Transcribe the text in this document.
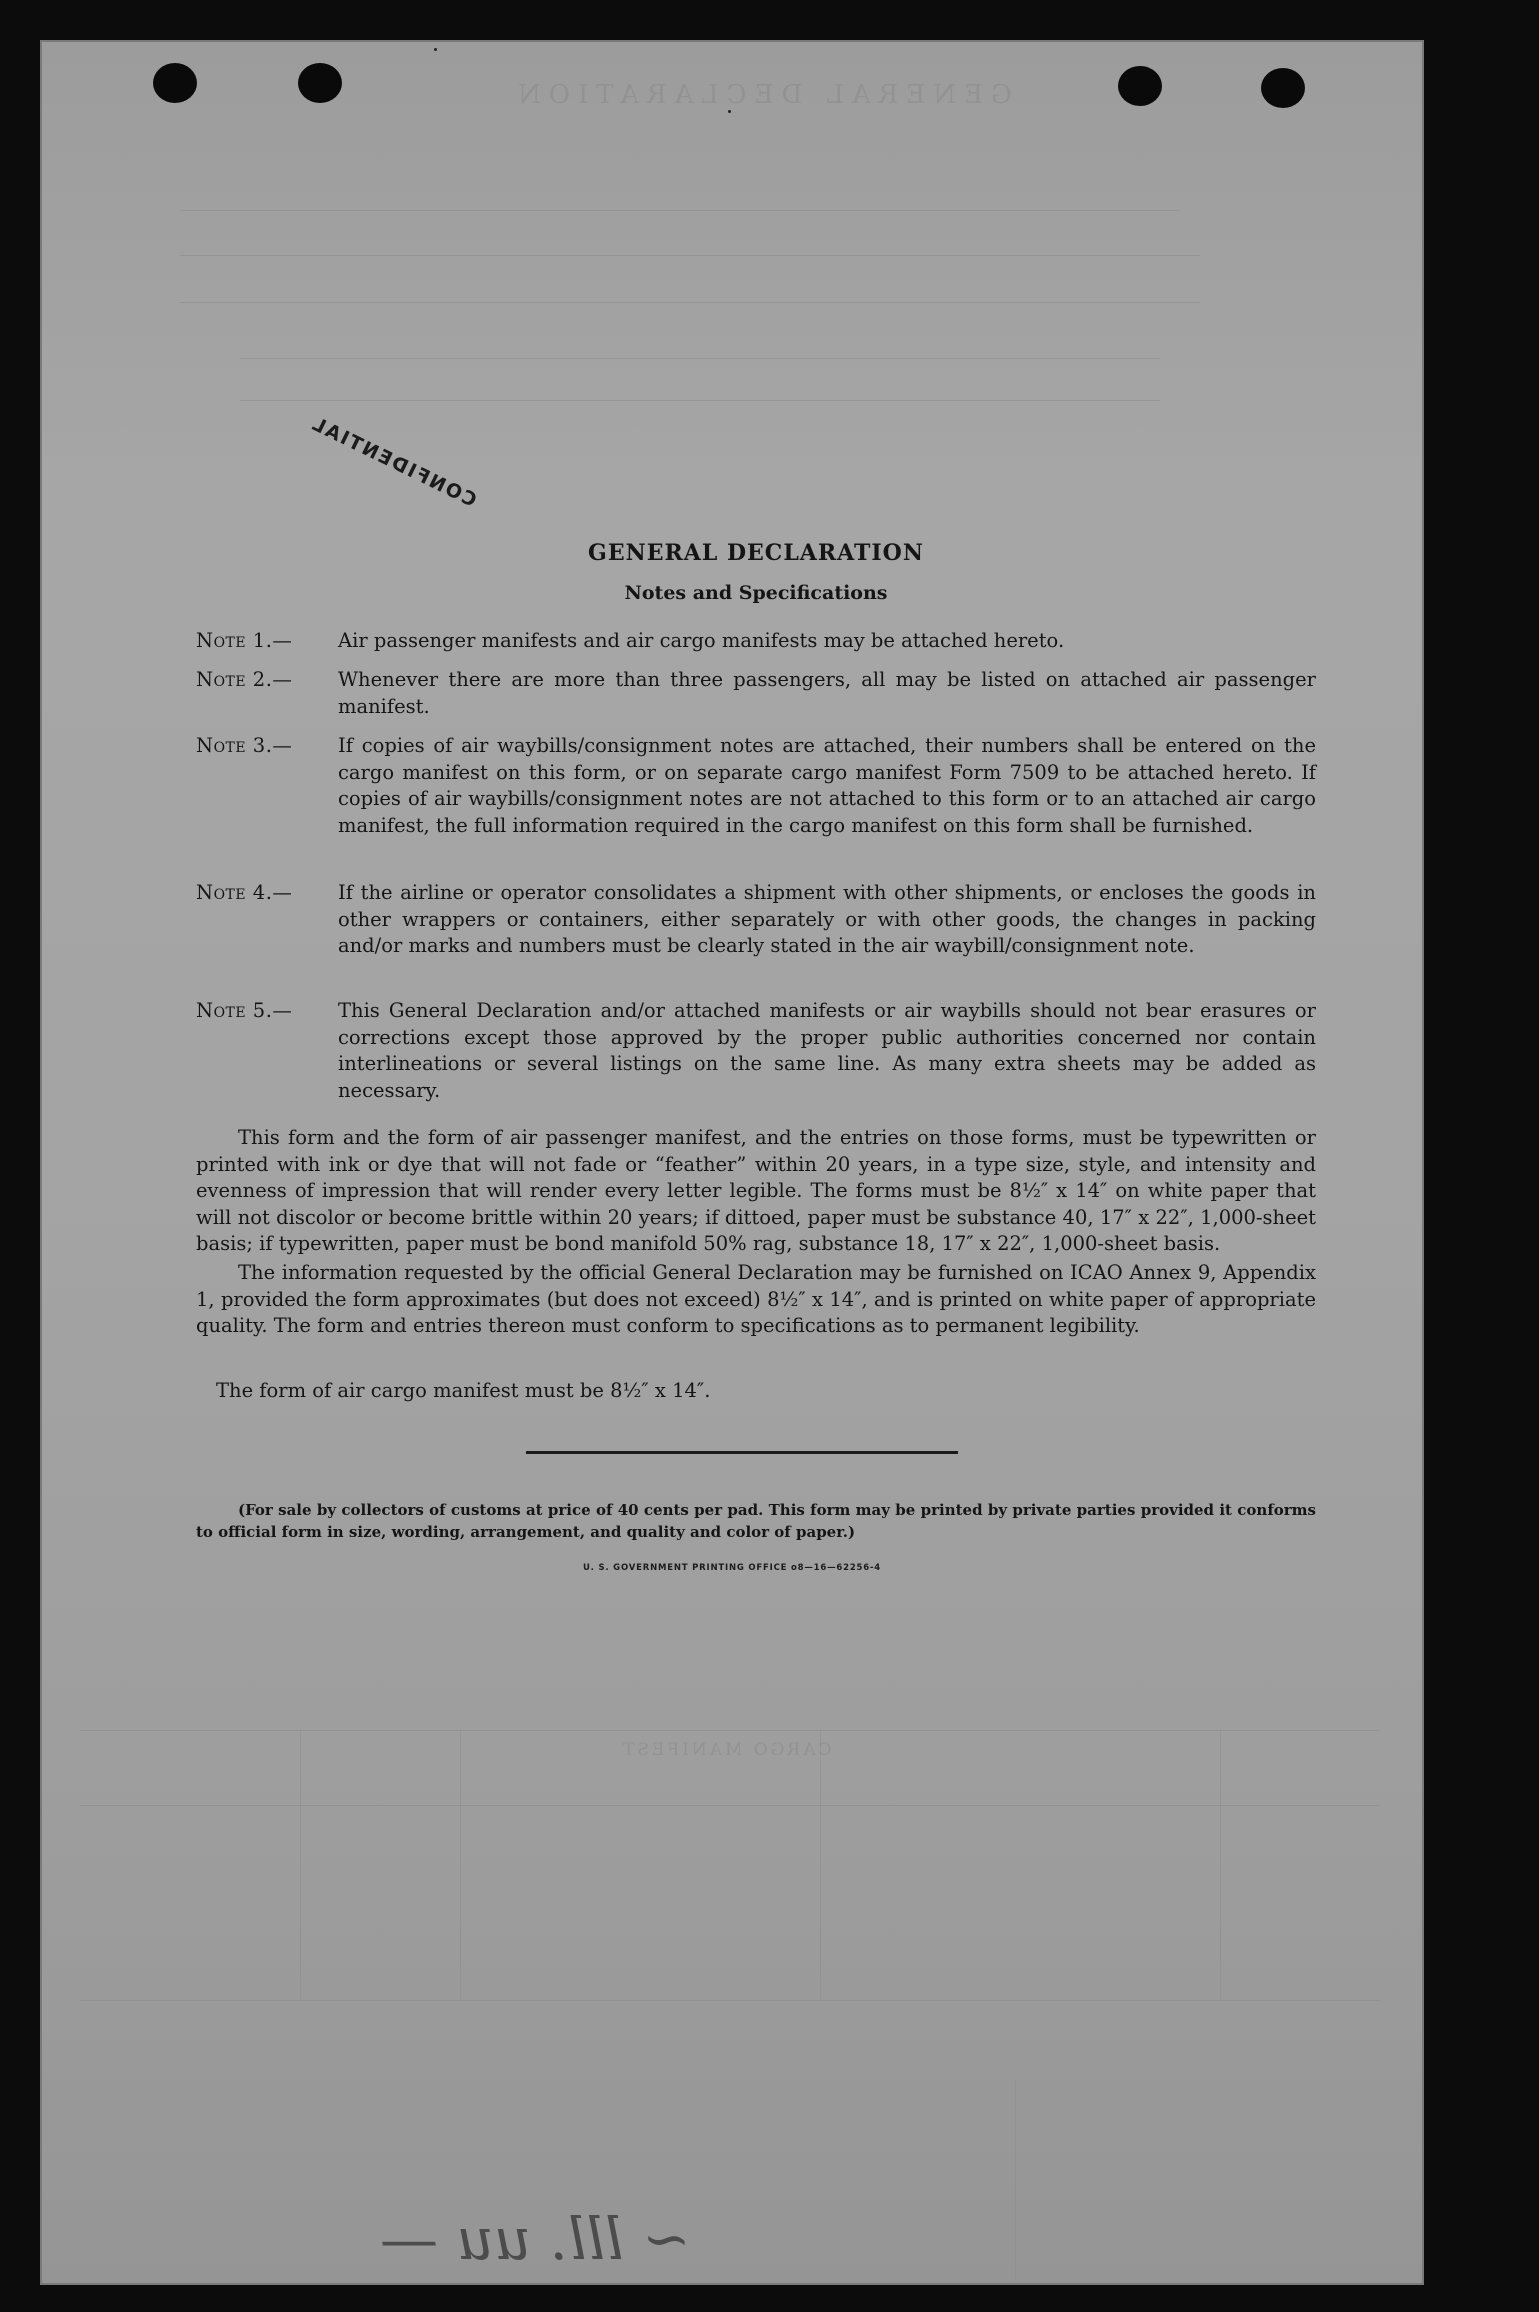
GENERAL DECLARATION
CARGO MANIFEST
~ lll. uu —
CONFIDENTIAL
GENERAL DECLARATION
Notes and Specifications
Note 1.—	Air passenger manifests and air cargo manifests may be attached hereto.
Note 2.—	Whenever there are more than three passengers, all may be listed on attached air passenger manifest.
Note 3.—	If copies of air waybills/consignment notes are attached, their numbers shall be entered on the cargo manifest on this form, or on separate cargo manifest Form 7509 to be attached hereto. If copies of air waybills/consignment notes are not attached to this form or to an attached air cargo manifest, the full information required in the cargo manifest on this form shall be furnished.
Note 4.—	If the airline or operator consolidates a shipment with other shipments, or encloses the goods in other wrappers or containers, either separately or with other goods, the changes in packing and/or marks and numbers must be clearly stated in the air waybill/consignment note.
Note 5.—	This General Declaration and/or attached manifests or air waybills should not bear erasures or corrections except those approved by the proper public authorities concerned nor contain interlineations or several listings on the same line. As many extra sheets may be added as necessary.
This form and the form of air passenger manifest, and the entries on those forms, must be typewritten or printed with ink or dye that will not fade or “feather” within 20 years, in a type size, style, and intensity and evenness of impression that will render every letter legible. The forms must be 8½″ x 14″ on white paper that will not discolor or become brittle within 20 years; if dittoed, paper must be substance 40, 17″ x 22″, 1,000-sheet basis; if typewritten, paper must be bond manifold 50% rag, substance 18, 17″ x 22″, 1,000-sheet basis.
The information requested by the official General Declaration may be furnished on ICAO Annex 9, Appendix 1, provided the form approximates (but does not exceed) 8½″ x 14″, and is printed on white paper of appropriate quality. The form and entries thereon must conform to specifications as to permanent legibility.
The form of air cargo manifest must be 8½″ x 14″.
(For sale by collectors of customs at price of 40 cents per pad. This form may be printed by private parties provided it conforms to official form in size, wording, arrangement, and quality and color of paper.)
U. S. GOVERNMENT PRINTING OFFICE o8—16—62256-4
